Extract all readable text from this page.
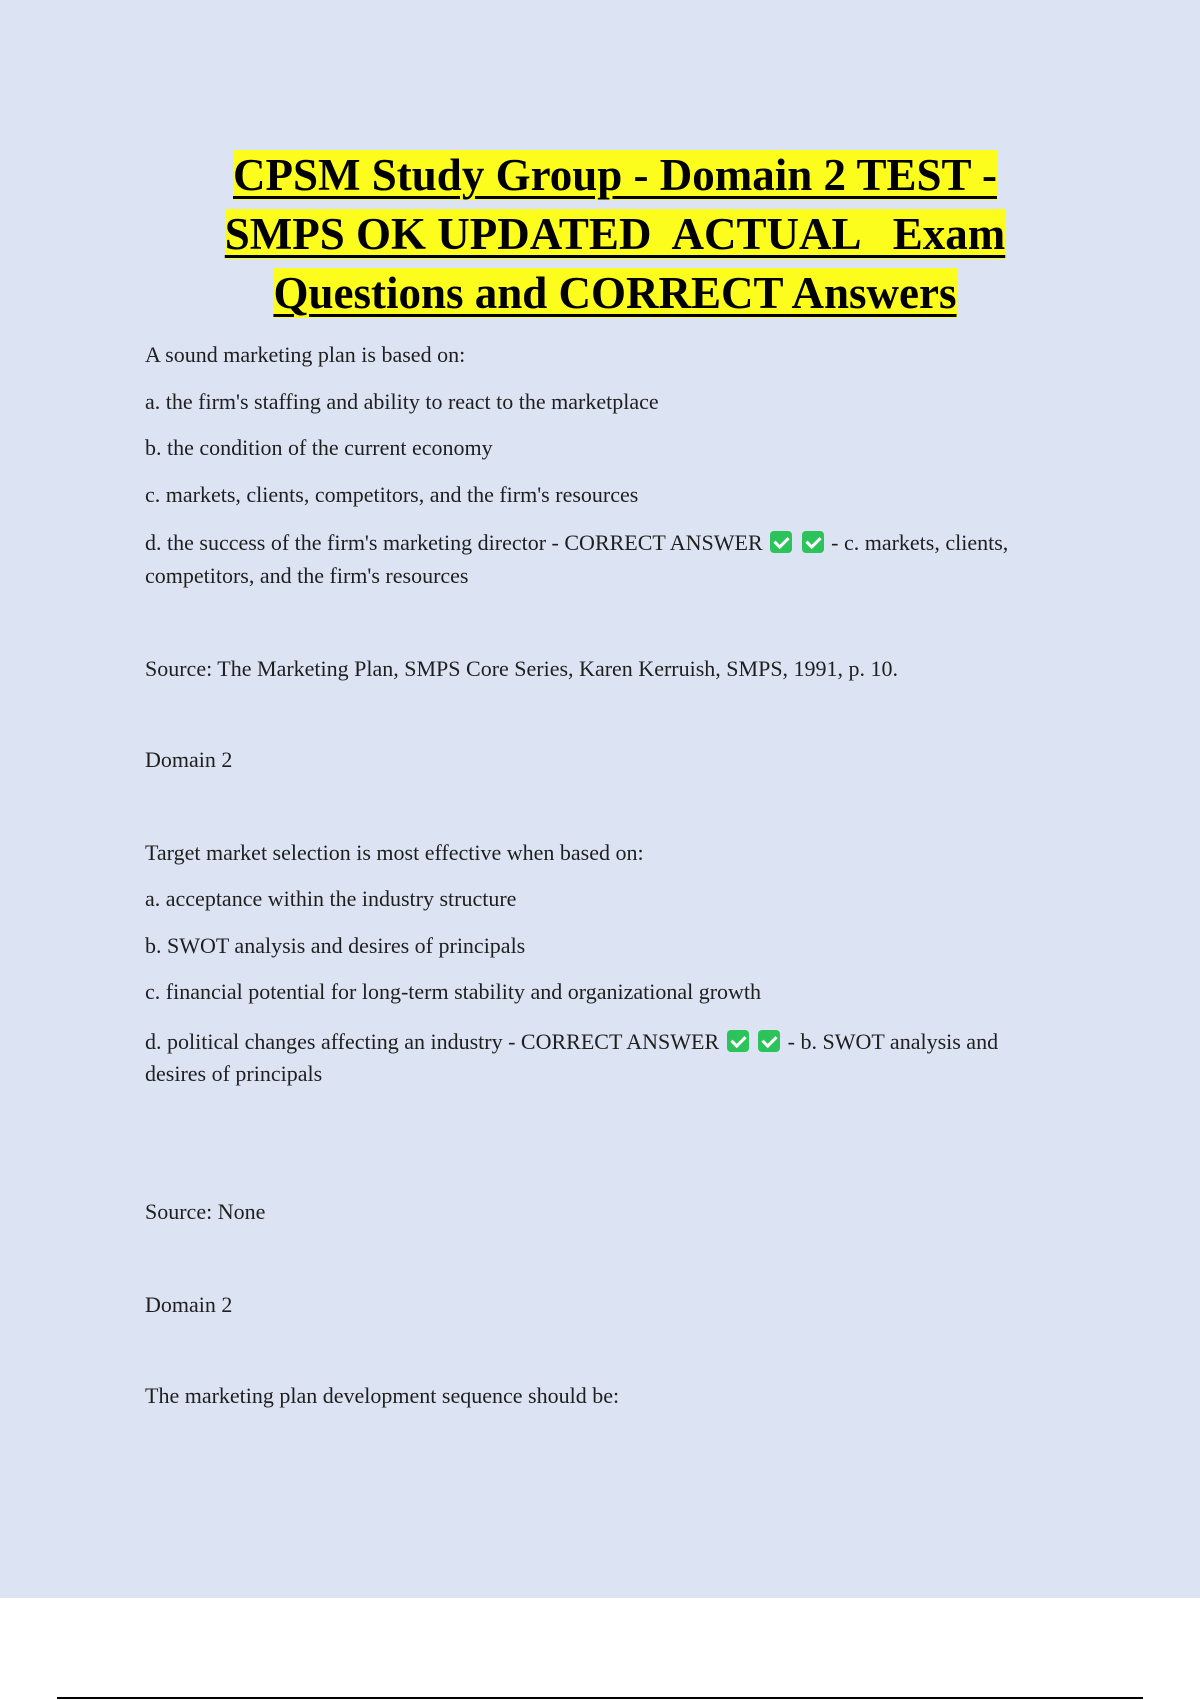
CPSM Study Group - Domain 2 TEST -
SMPS OK UPDATED  ACTUAL   Exam
Questions and CORRECT Answers
A sound marketing plan is based on:
a. the firm's staffing and ability to react to the marketplace
b. the condition of the current economy
c. markets, clients, competitors, and the firm's resources
d. the success of the firm's marketing director - CORRECT ANSWER	- c. markets, clients,
competitors, and the firm's resources
Source: The Marketing Plan, SMPS Core Series, Karen Kerruish, SMPS, 1991, p. 10.
Domain 2
Target market selection is most effective when based on:
a. acceptance within the industry structure
b. SWOT analysis and desires of principals
c. financial potential for long-term stability and organizational growth
d. political changes affecting an industry - CORRECT ANSWER	- b. SWOT analysis and
desires of principals
Source: None
Domain 2
The marketing plan development sequence should be:
